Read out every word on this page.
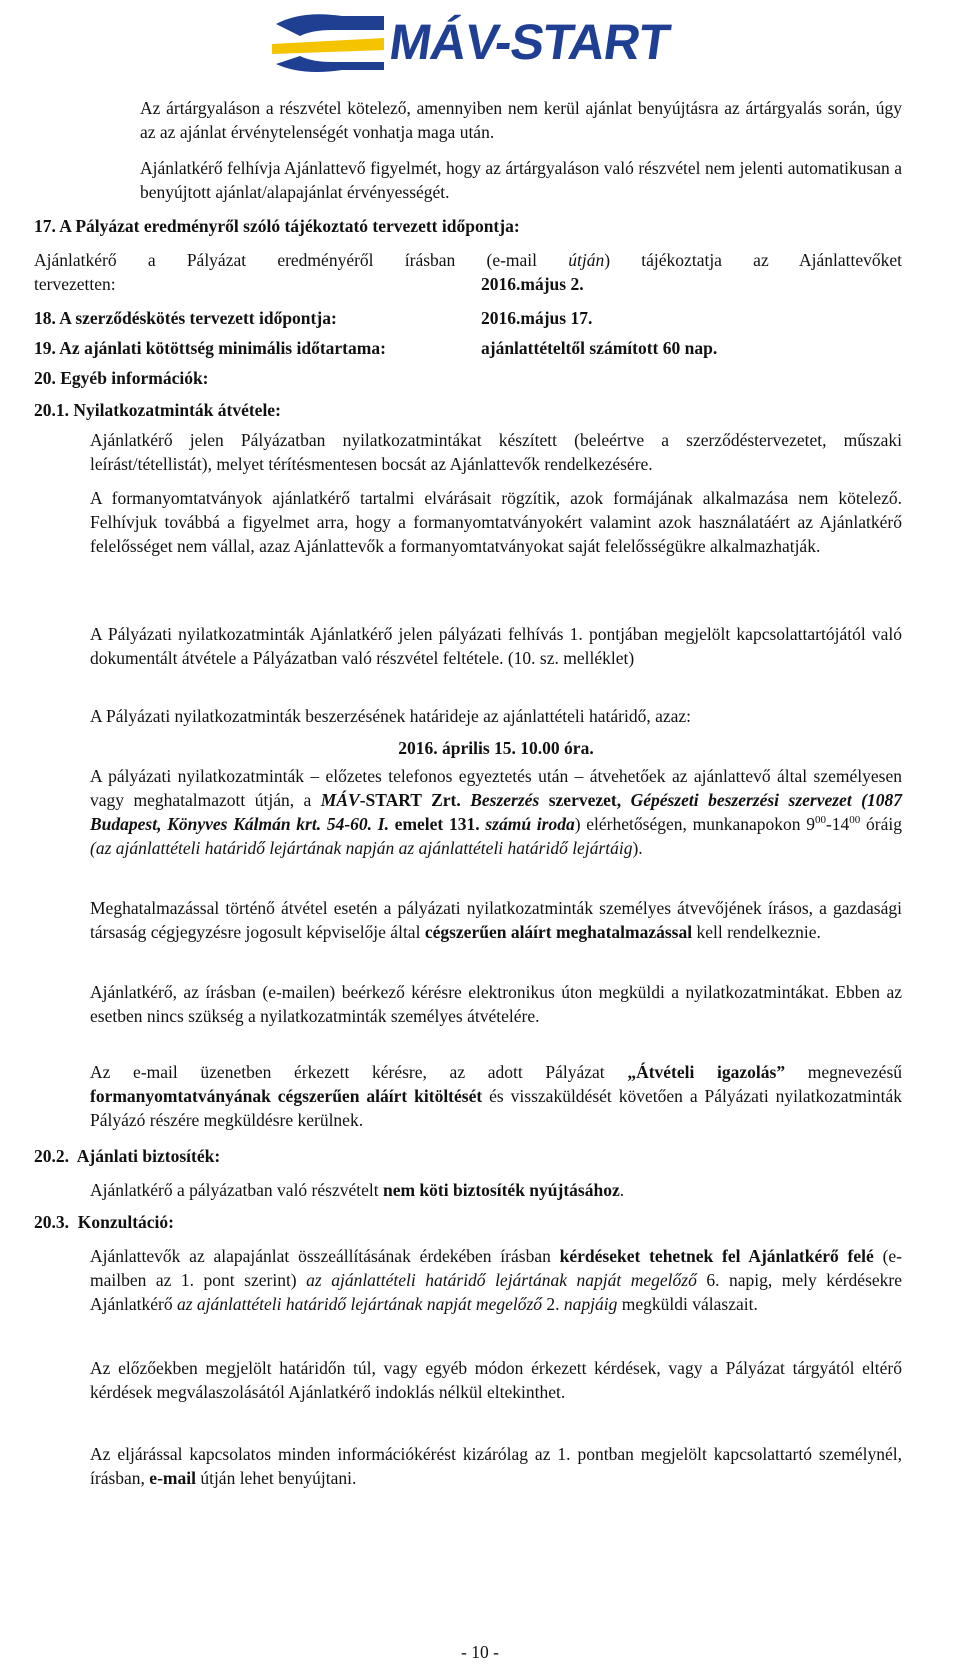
MÁV-START
Az ártárgyaláson a részvétel kötelező, amennyiben nem kerül ajánlat benyújtásra az ártárgyalás során, úgy az az ajánlat érvénytelenségét vonhatja maga után.
Ajánlatkérő felhívja Ajánlattevő figyelmét, hogy az ártárgyaláson való részvétel nem jelenti automatikusan a benyújtott ajánlat/alapajánlat érvényességét.
17. A Pályázat eredményről szóló tájékoztató tervezett időpontja:
Ajánlatkérő a Pályázat eredményéről írásban (e-mail útján) tájékoztatja az Ajánlattevőket
tervezetten:	2016.május 2.
18. A szerződéskötés tervezett időpontja:	2016.május 17.
19. Az ajánlati kötöttség minimális időtartama:	ajánlattételtől számított 60 nap.
20. Egyéb információk:
20.1. Nyilatkozatminták átvétele:
Ajánlatkérő jelen Pályázatban nyilatkozatmintákat készített (beleértve a szerződéstervezetet, műszaki leírást/tétellistát), melyet térítésmentesen bocsát az Ajánlattevők rendelkezésére.
A formanyomtatványok ajánlatkérő tartalmi elvárásait rögzítik, azok formájának alkalmazása nem kötelező. Felhívjuk továbbá a figyelmet arra, hogy a formanyomtatványokért valamint azok használatáért az Ajánlatkérő felelősséget nem vállal, azaz Ajánlattevők a formanyomtatványokat saját felelősségükre alkalmazhatják.
A Pályázati nyilatkozatminták Ajánlatkérő jelen pályázati felhívás 1. pontjában megjelölt kapcsolattartójától való dokumentált átvétele a Pályázatban való részvétel feltétele. (10. sz. melléklet)
A Pályázati nyilatkozatminták beszerzésének határideje az ajánlattételi határidő, azaz:
2016. április 15. 10.00 óra.
A pályázati nyilatkozatminták – előzetes telefonos egyeztetés után – átvehetőek az ajánlattevő által személyesen vagy meghatalmazott útján, a MÁV-START Zrt. Beszerzés szervezet, Gépészeti beszerzési szervezet (1087 Budapest, Könyves Kálmán krt. 54-60. I. emelet 131. számú iroda) elérhetőségen, munkanapokon $9^{00}-14^{00}$ óráig (az ajánlattételi határidő lejártának napján az ajánlattételi határidő lejártáig).
Meghatalmazással történő átvétel esetén a pályázati nyilatkozatminták személyes átvevőjének írásos, a gazdasági társaság cégjegyzésre jogosult képviselője által cégszerűen aláírt meghatalmazással kell rendelkeznie.
Ajánlatkérő, az írásban (e-mailen) beérkező kérésre elektronikus úton megküldi a nyilatkozatmintákat. Ebben az esetben nincs szükség a nyilatkozatminták személyes átvételére.
Az e-mail üzenetben érkezett kérésre, az adott Pályázat „Átvételi igazolás” megnevezésű formanyomtatványának cégszerűen aláírt kitöltését és visszaküldését követően a Pályázati nyilatkozatminták Pályázó részére megküldésre kerülnek.
20.2.  Ajánlati biztosíték:
Ajánlatkérő a pályázatban való részvételt nem köti biztosíték nyújtásához.
20.3.  Konzultáció:
Ajánlattevők az alapajánlat összeállításának érdekében írásban kérdéseket tehetnek fel Ajánlatkérő felé (e-mailben az 1. pont szerint) az ajánlattételi határidő lejártának napját megelőző 6. napig, mely kérdésekre Ajánlatkérő az ajánlattételi határidő lejártának napját megelőző 2. napjáig megküldi válaszait.
Az előzőekben megjelölt határidőn túl, vagy egyéb módon érkezett kérdések, vagy a Pályázat tárgyától eltérő kérdések megválaszolásától Ajánlatkérő indoklás nélkül eltekinthet.
Az eljárással kapcsolatos minden információkérést kizárólag az 1. pontban megjelölt kapcsolattartó személynél, írásban, e-mail útján lehet benyújtani.
- 10 -
